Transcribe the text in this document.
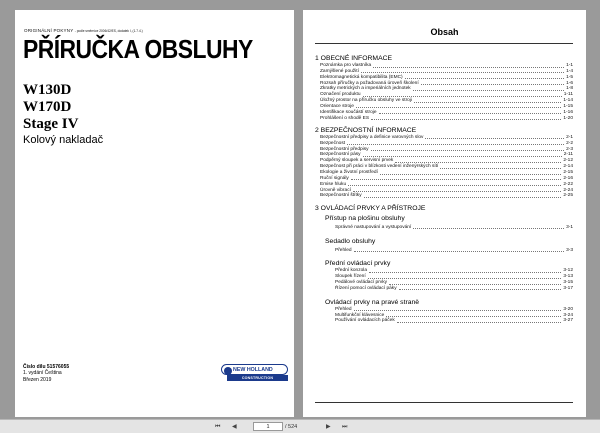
ORIGINÁLNÍ POKYNY - podle směrnice 2006/42/ES, dodatek I, (1.7.4.)
PŘÍRUČKA OBSLUHY
W130D
W170D
Stage IV
Kolový nakladač
Číslo dílu 51576055
1. vydání Čeština
Březen 2019
NEW HOLLAND
CONSTRUCTION
Obsah
1 OBECNÉ INFORMACE
Poznámka pro vlastníka	1-1
Zamýšlené použití	1-4
Elektromagnetická kompatibilita (EMC)	1-5
Rozsah příručky a požadovaná úroveň školení	1-6
Zkratky metrických a imperiálních jednotek	1-8
Označení produktu	1-11
Úložný prostor na příručku obsluhy ve stroji	1-14
Orientace stroje	1-15
Identifikace součástí stroje	1-16
Prohlášení o shodě ES	1-20
2 BEZPEČNOSTNÍ INFORMACE
Bezpečnostní předpisy a definice varovných slov	2-1
Bezpečnost	2-2
Bezpečnostní předpisy	2-3
Bezpečnostní pásy	2-11
Podpěrný sloupek a servisní prvek	2-12
Bezpečnost při práci v blízkosti vedení inženýrských sítí	2-14
Ekologie a životní prostředí	2-15
Ruční signály	2-16
Emise hluku	2-22
Úrovně vibrací	2-24
Bezpečnostní štítky	2-25
3 OVLÁDACÍ PRVKY A PŘÍSTROJE
Přístup na plošinu obsluhy
Správné nastupování a vystupování	3-1
Sedadlo obsluhy
Přehled	3-3
Přední ovládací prvky
Přední konzola	3-12
Sloupek řízení	3-13
Pedálové ovládací prvky	3-15
Řízení pomocí ovládací páky	3-17
Ovládací prvky na pravé straně
Přehled	3-20
Multifunkční klávesnice	3-24
Používání ovládacích páček	3-27
⏮ ◀	1	/ 524	▶ ⏭
